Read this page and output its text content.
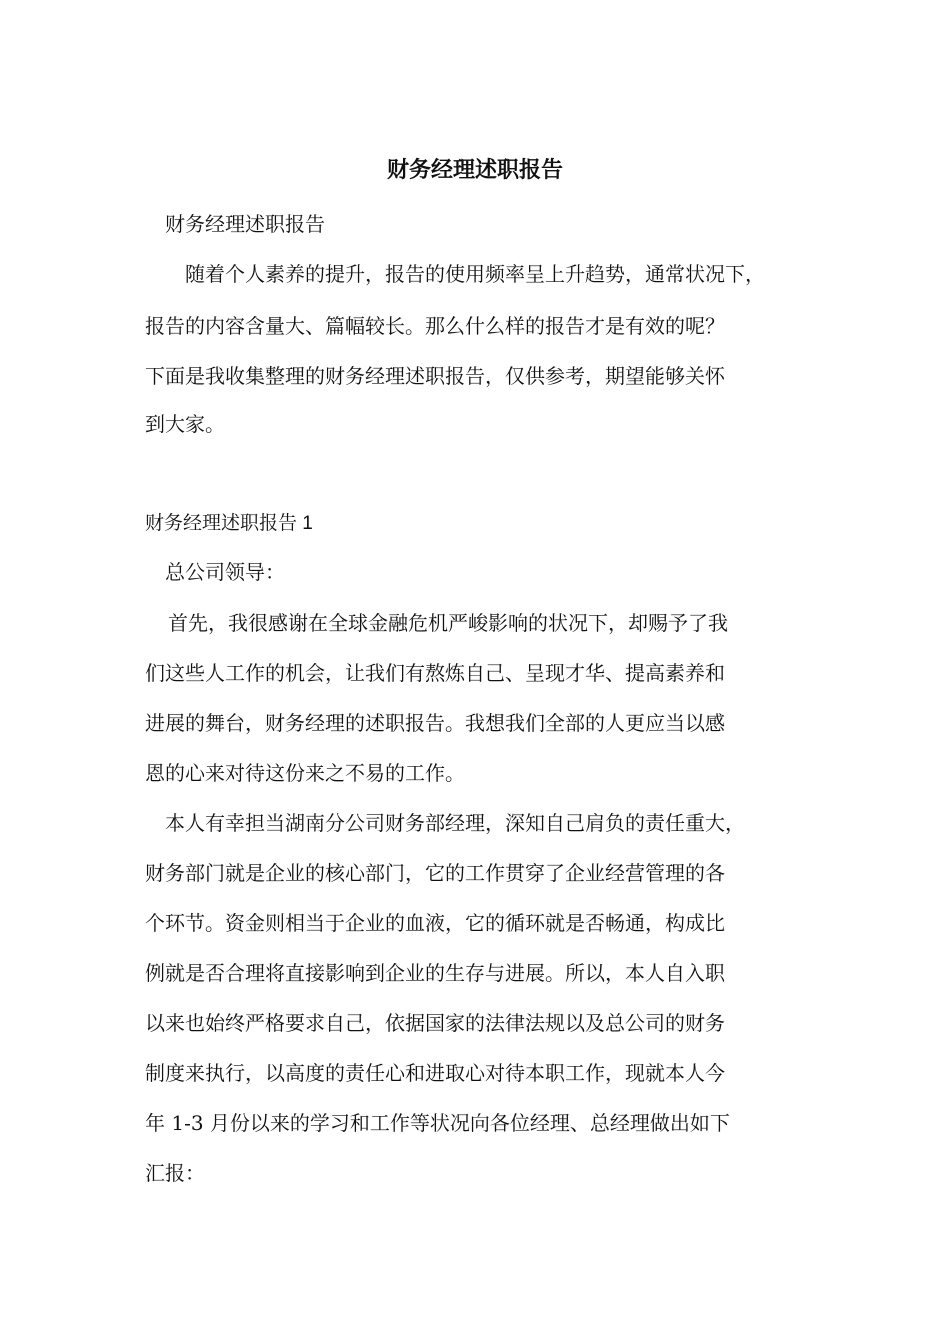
财务经理述职报告
财务经理述职报告
随着个人素养的提升，报告的使用频率呈上升趋势，通常状况下，
报告的内容含量大、篇幅较长。那么什么样的报告才是有效的呢？
下面是我收集整理的财务经理述职报告，仅供参考，期望能够关怀
到大家。
财务经理述职报告 1
总公司领导：
首先，我很感谢在全球金融危机严峻影响的状况下，却赐予了我
们这些人工作的机会，让我们有熬炼自己、呈现才华、提高素养和
进展的舞台，财务经理的述职报告。我想我们全部的人更应当以感
恩的心来对待这份来之不易的工作。
本人有幸担当湖南分公司财务部经理，深知自己肩负的责任重大，
财务部门就是企业的核心部门，它的工作贯穿了企业经营管理的各
个环节。资金则相当于企业的血液，它的循环就是否畅通，构成比
例就是否合理将直接影响到企业的生存与进展。所以，本人自入职
以来也始终严格要求自己，依据国家的法律法规以及总公司的财务
制度来执行，以高度的责任心和进取心对待本职工作，现就本人今
年 1-3 月份以来的学习和工作等状况向各位经理、总经理做出如下
汇报：
